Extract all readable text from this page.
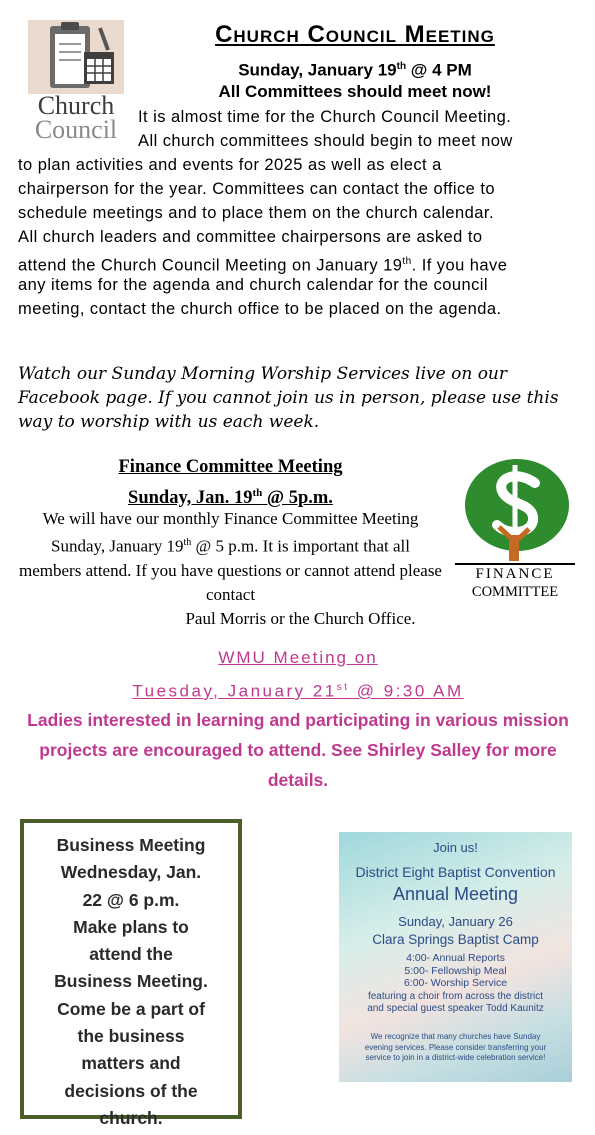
Church
Council
Church Council Meeting
Sunday, January 19th @ 4 PM
All Committees should meet now!
It is almost time for the Church Council Meeting.
All church committees should begin to meet now
to plan activities and events for 2025 as well as elect a
chairperson for the year. Committees can contact the office to
schedule meetings and to place them on the church calendar.
All church leaders and committee chairpersons are asked to
attend the Church Council Meeting on January 19th. If you have
any items for the agenda and church calendar for the council
meeting, contact the church office to be placed on the agenda.
Watch our Sunday Morning Worship Services live on our Facebook page. If you cannot join us in person, please use this way to worship with us each week.
Finance Committee Meeting
Sunday, Jan. 19th @ 5p.m.
We will have our monthly Finance Committee Meeting Sunday, January 19th @ 5 p.m. It is important that all members attend. If you have questions or cannot attend please contact
Paul Morris or the Church Office.
FINANCE
COMMITTEE
WMU Meeting on
Tuesday, January 21st @ 9:30 AM
Ladies interested in learning and participating in various mission projects are encouraged to attend. See Shirley Salley for more details.
Business Meeting
Wednesday, Jan.
22 @ 6 p.m.
Make plans to
attend the
Business Meeting.
Come be a part of
the business
matters and
decisions of the
church.
Join us!
District Eight Baptist Convention
Annual Meeting
Sunday, January 26
Clara Springs Baptist Camp
4:00- Annual Reports
5:00- Fellowship Meal
6:00- Worship Service
featuring a choir from across the district
and special guest speaker Todd Kaunitz
We recognize that many churches have Sunday
evening services. Please consider transferring your
service to join in a district-wide celebration service!
